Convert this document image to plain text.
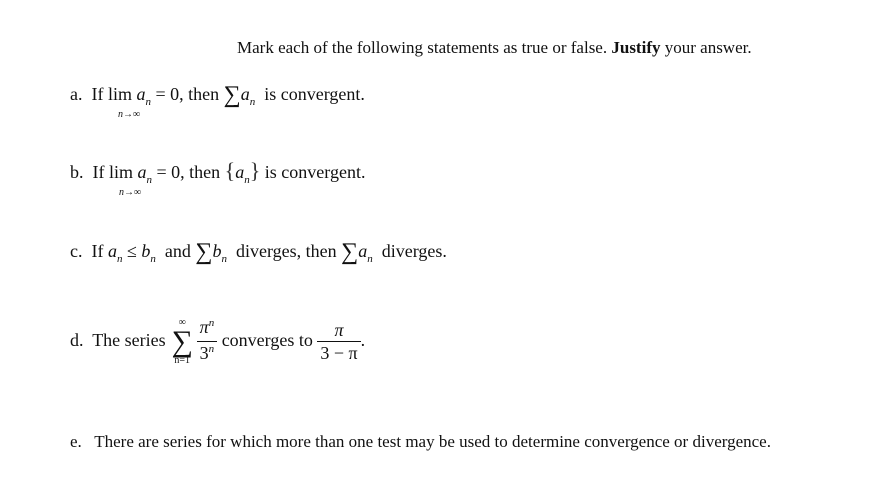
Mark each of the following statements as true or false. Justify your answer.
a. If lim
n→∞
$a_n = 0$, then $\sum a_n$ is convergent.
b. If lim
n→∞
$a_n = 0$, then $\{a_n\}$ is convergent.
c. If $a_n \le b_n$ and $\sum b_n$ diverges, then $\sum a_n$ diverges.
d. The series
∞
∑
n=1
$\frac{\pi^n}{3^n}$ converges to $\frac{\pi}{3 - \pi}$ .
e. There are series for which more than one test may be used to determine convergence or divergence.
